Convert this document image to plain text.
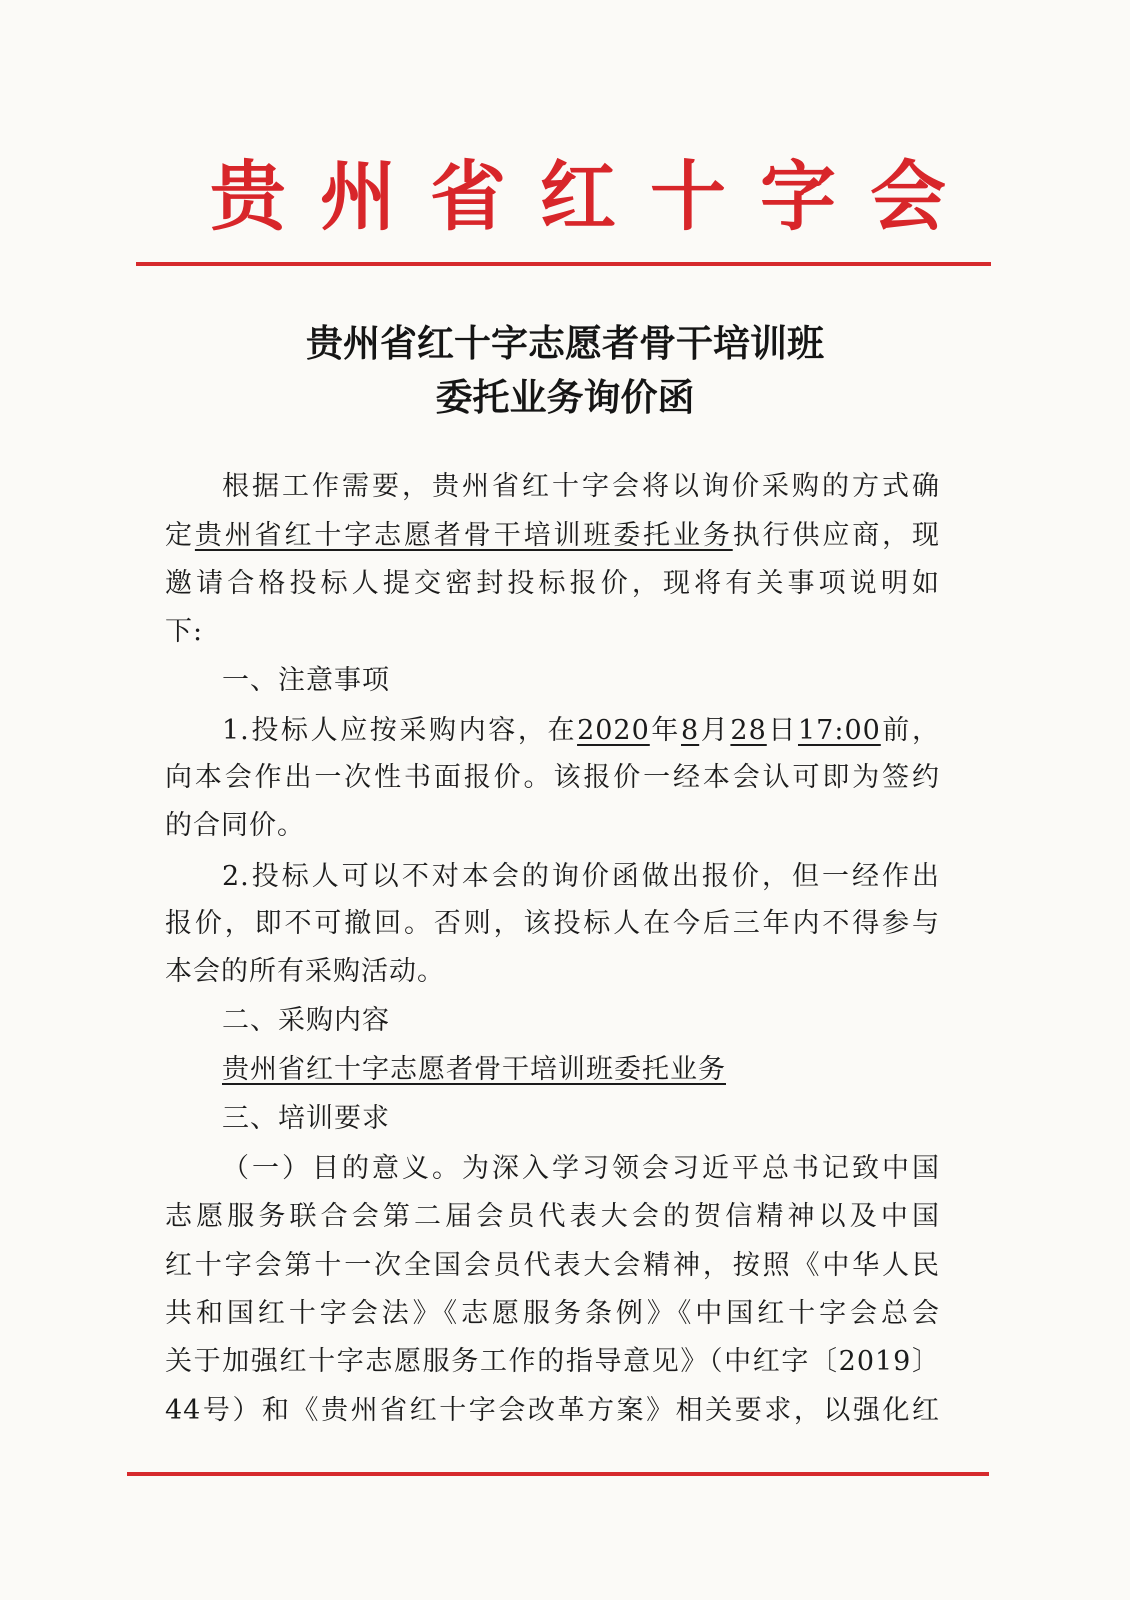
贵州省红十字会
贵州省红十字志愿者骨干培训班
委托业务询价函
根据工作需要，贵州省红十字会将以询价采购的方式确
定贵州省红十字志愿者骨干培训班委托业务执行供应商，现
邀请合格投标人提交密封投标报价，现将有关事项说明如
下:
一、注意事项
1.投标人应按采购内容，在2020年8月28日17:00前，
向本会作出一次性书面报价。该报价一经本会认可即为签约
的合同价。
2.投标人可以不对本会的询价函做出报价，但一经作出
报价，即不可撤回。否则，该投标人在今后三年内不得参与
本会的所有采购活动。
二、采购内容
贵州省红十字志愿者骨干培训班委托业务
三、培训要求
（一）目的意义。为深入学习领会习近平总书记致中国
志愿服务联合会第二届会员代表大会的贺信精神以及中国
红十字会第十一次全国会员代表大会精神，按照《中华人民
共和国红十字会法》《志愿服务条例》《中国红十字会总会
关于加强红十字志愿服务工作的指导意见》（中红字〔2019〕
44号）和《贵州省红十字会改革方案》相关要求，以强化红
